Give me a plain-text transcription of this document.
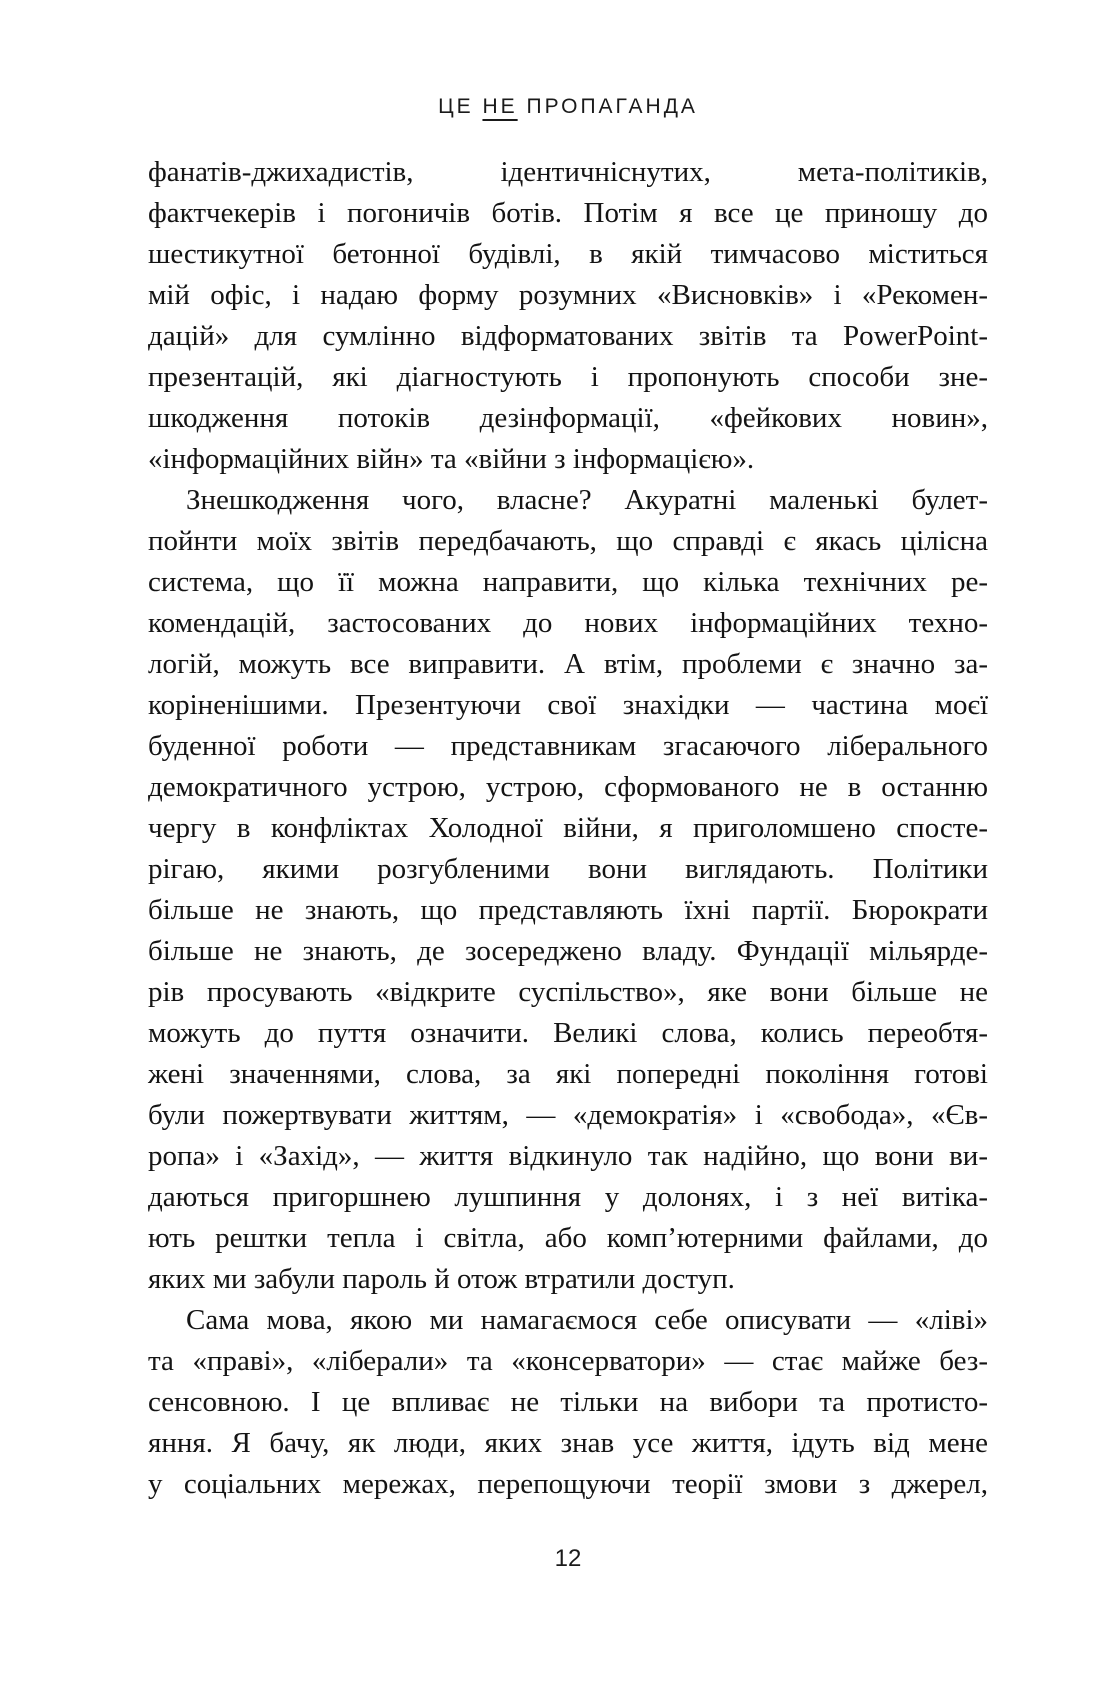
ЦЕ НЕ ПРОПАГАНДА
фанатів-джихадистів, ідентичніснутих, мета-політиків,
фактчекерів і погоничів ботів. Потім я все це приношу до
шестикутної бетонної будівлі, в якій тимчасово міститься
мій офіс, і надаю форму розумних «Висновків» і «Рекомен-
дацій» для сумлінно відформатованих звітів та PowerPoint-
презентацій, які діагностують і пропонують способи зне-
шкодження потоків дезінформації, «фейкових новин»,
«інформаційних війн» та «війни з інформацією».
Знешкодження чого, власне? Акуратні маленькі булет-
пойнти моїх звітів передбачають, що справді є якась цілісна
система, що її можна направити, що кілька технічних ре-
комендацій, застосованих до нових інформаційних техно-
логій, можуть все виправити. А втім, проблеми є значно за-
коріненішими. Презентуючи свої знахідки — частина моєї
буденної роботи — представникам згасаючого ліберального
демократичного устрою, устрою, сформованого не в останню
чергу в конфліктах Холодної війни, я приголомшено спосте-
рігаю, якими розгубленими вони виглядають. Політики
більше не знають, що представляють їхні партії. Бюрократи
більше не знають, де зосереджено владу. Фундації мільярде-
рів просувають «відкрите суспільство», яке вони більше не
можуть до пуття означити. Великі слова, колись переобтя-
жені значеннями, слова, за які попередні покоління готові
були пожертвувати життям, — «демократія» і «свобода», «Єв-
ропа» і «Захід», — життя відкинуло так надійно, що вони ви-
даються пригоршнею лушпиння у долонях, і з неї витіка-
ють рештки тепла і світла, або комп’ютерними файлами, до
яких ми забули пароль й отож втратили доступ.
Сама мова, якою ми намагаємося себе описувати — «ліві»
та «праві», «ліберали» та «консерватори» — стає майже без-
сенсовною. І це впливає не тільки на вибори та протисто-
яння. Я бачу, як люди, яких знав усе життя, ідуть від мене
у соціальних мережах, перепощуючи теорії змови з джерел,
12
